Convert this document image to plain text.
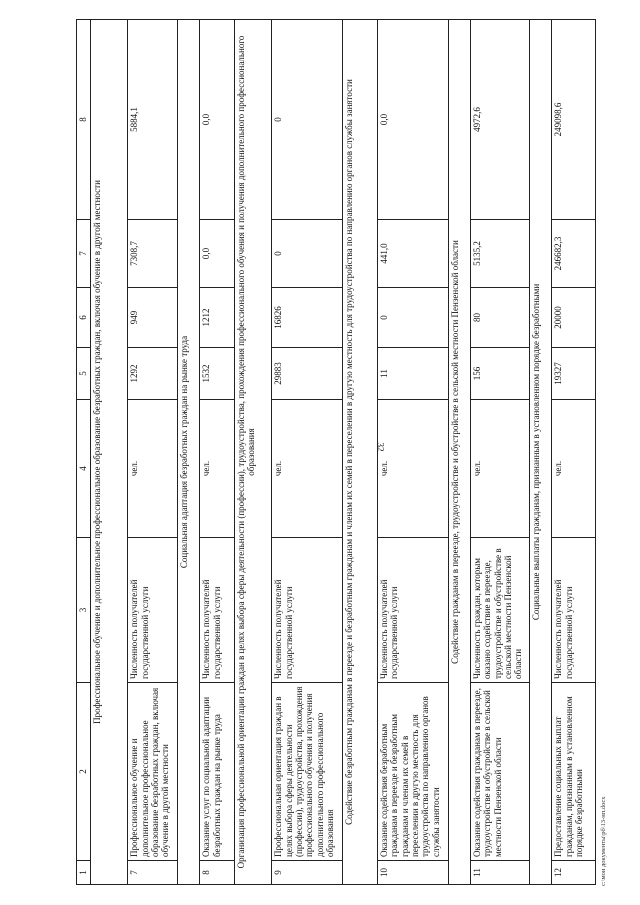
32
1	2	3	4	5	6	7	8
Профессиональное обучение и дополнительное профессиональное образование безработных граждан, включая обучение в другой местности							
7	Профессиональное обучение и дополнительное профессиональное образование безработных граждан, включая обучение в другой местности	Численность получателей государственной услуги	чел.	1292	949	7308,7	5884,1
Социальная адаптация безработных граждан на рынке труда							
8	Оказание услуг по социальной адаптации безработных граждан на рынке труда	Численность получателей государственной услуги	чел.	1532	1212	0,0	0,0
Организация профессиональной ориентации граждан в целях выбора сферы деятельности (профессии), трудоустройства, прохождения профессионального обучения и получения дополнительного профессионального образования							
9	Профессиональная ориентация граждан в целях выбора сферы деятельности (профессии), трудоустройства, прохождения профессионального обучения и получения дополнительного профессионального образования	Численность получателей государственной услуги	чел.	29883	16826	0	0
Содействие безработным гражданам в переезде и безработным гражданам и членам их семей в переселении в другую местность для трудоустройства по направлению органов службы занятости							
10	Оказание содействия безработным гражданам в переезде и безработным гражданам и членам их семей в переселении в другую местность для трудоустройства по направлению органов службы занятости	Численность получателей государственной услуги	чел.	11	0	441,0	0,0
Содействие гражданам в переезде, трудоустройстве и обустройстве в сельской местности Пензенской области							
11	Оказание содействия гражданам в переезде, трудоустройстве и обустройстве в сельской местности Пензенской области	Численность граждан, которым оказано содействие в переезде, трудоустройстве и обустройстве в сельской местности Пензенской области	чел.	156	80	5135,2	4972,6
Социальные выплаты гражданам, признанным в установленном порядке безработными							
12	Предоставление социальных выплат гражданам, признанным в установленном порядке безработными	Численность получателей государственной услуги	чел.	19327	20000	246682,3	249098,6
c:\мои документы\рб\13-нп.docx
